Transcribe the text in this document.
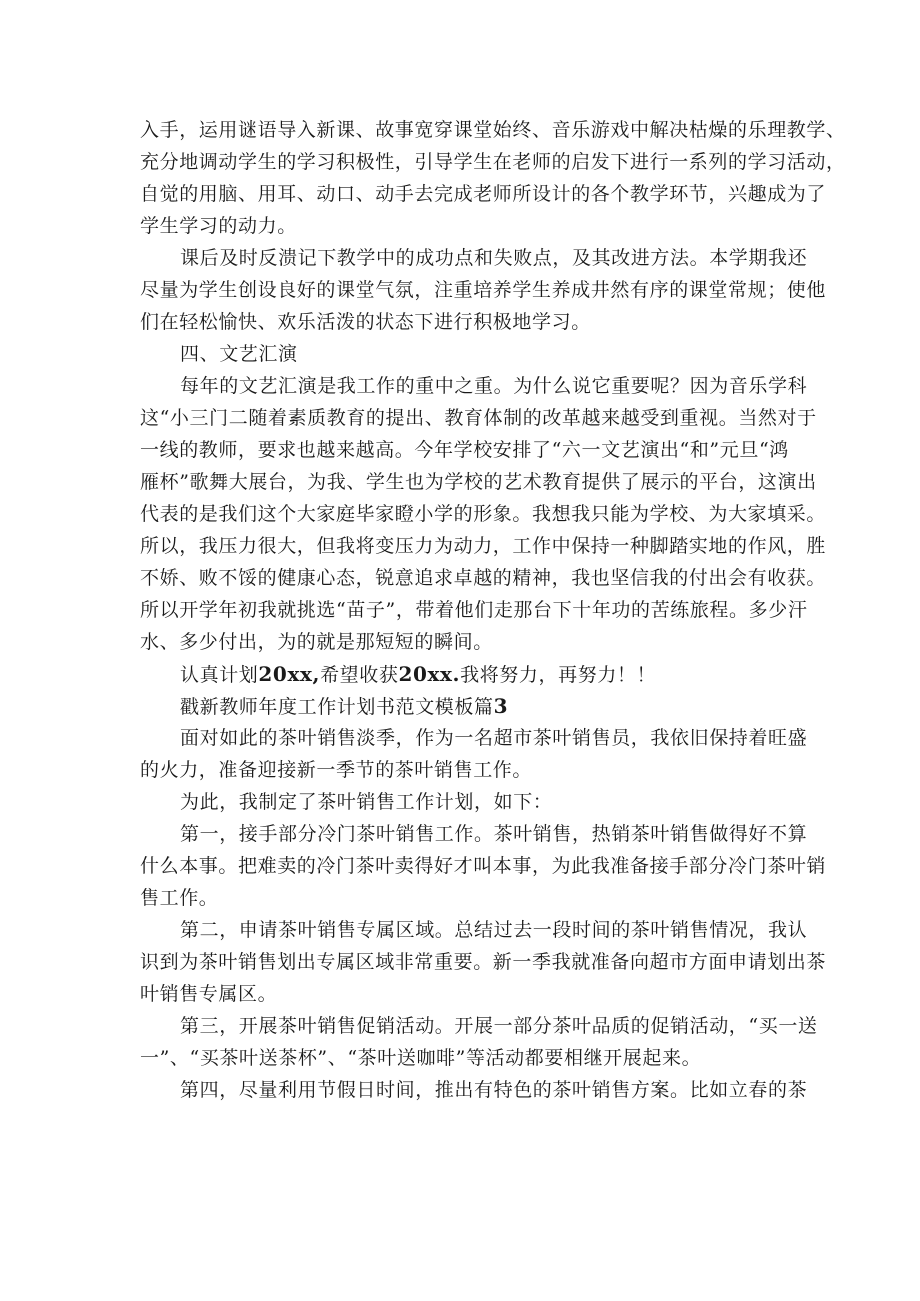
入手，运用谜语导入新课、故事宽穿课堂始终、音乐游戏中解决枯燥的乐理教学、
充分地调动学生的学习积极性，引导学生在老师的启发下进行一系列的学习活动，
自觉的用脑、用耳、动口、动手去完成老师所设计的各个教学环节，兴趣成为了
学生学习的动力。
课后及时反溃记下教学中的成功点和失败点，及其改进方法。本学期我还
尽量为学生创设良好的课堂气氛，注重培养学生养成井然有序的课堂常规；使他
们在轻松愉快、欢乐活泼的状态下进行积极地学习。
四、文艺汇演
每年的文艺汇演是我工作的重中之重。为什么说它重要呢？因为音乐学科
这“小三门二随着素质教育的提出、教育体制的改革越来越受到重视。当然对于
一线的教师，要求也越来越高。今年学校安排了“六一文艺演出“和”元旦“鸿
雁杯”歌舞大展台，为我、学生也为学校的艺术教育提供了展示的平台，这演出
代表的是我们这个大家庭毕家瞪小学的形象。我想我只能为学校、为大家填采。
所以，我压力很大，但我将变压力为动力，工作中保持一种脚踏实地的作风，胜
不娇、败不馁的健康心态，锐意追求卓越的精神，我也坚信我的付出会有收获。
所以开学年初我就挑选“苗子”，带着他们走那台下十年功的苦练旅程。多少汗
水、多少付出，为的就是那短短的瞬间。
认真计划20xx,希望收获20xx.我将努力，再努力！！
戳新教师年度工作计划书范文模板篇3
面对如此的茶叶销售淡季，作为一名超市茶叶销售员，我依旧保持着旺盛
的火力，准备迎接新一季节的茶叶销售工作。
为此，我制定了茶叶销售工作计划，如下：
第一，接手部分冷门茶叶销售工作。茶叶销售，热销茶叶销售做得好不算
什么本事。把难卖的冷门茶叶卖得好才叫本事，为此我准备接手部分冷门茶叶销
售工作。
第二，申请茶叶销售专属区域。总结过去一段时间的茶叶销售情况，我认
识到为茶叶销售划出专属区域非常重要。新一季我就准备向超市方面申请划出茶
叶销售专属区。
第三，开展茶叶销售促销活动。开展一部分茶叶品质的促销活动，“买一送
一”、“买茶叶送茶杯”、“茶叶送咖啡”等活动都要相继开展起来。
第四，尽量利用节假日时间，推出有特色的茶叶销售方案。比如立春的茶
